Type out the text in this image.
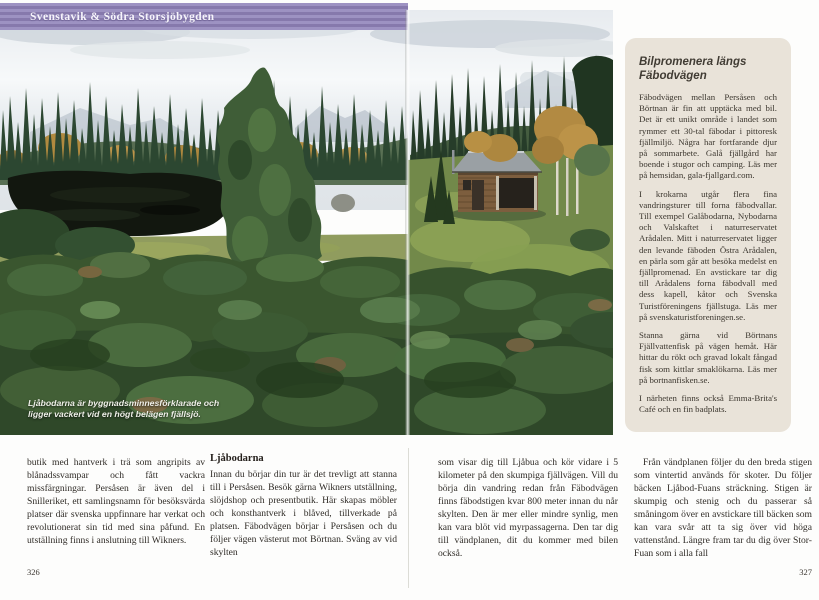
Svenstavik & Södra Storsjöbygden
Ljåbodarna är byggnadsminnesförklarade och
ligger vackert vid en högt belägen fjällsjö.

butik med hantverk i trä som angripits av blånadssvampar och fått vackra missfärgningar. Persåsen är även del i Snilleriket, ett samlingsnamn för besöksvärda platser där svenska uppfinnare har verkat och revolutionerat sin tid med sina påfund. En utställning finns i anslutning till Wikners.

Ljåbodarna

Innan du börjar din tur är det trevligt att stanna till i Persåsen. Besök gärna Wikners utställning, slöjdshop och presentbutik. Här skapas möbler och konsthantverk i blåved, tillverkade på platsen. Fäbodvägen börjar i Persåsen och du följer vägen västerut mot Börtnan. Sväng av vid skylten

som visar dig till Ljåbua och kör vidare i 5 kilometer på den skumpiga fjällvägen. Vill du börja din vandring redan från Fäbodvägen finns fäbodstigen kvar 800 meter innan du når skylten. Den är mer eller mindre synlig, men kan vara blöt vid myrpassagerna. Den tar dig till vändplanen, dit du kommer med bilen också.

Från vändplanen följer du den breda stigen som vintertid används för skoter. Du följer bäcken Ljåbod-Fuans sträckning. Stigen är skumpig och stenig och du passerar så småningom över en avstickare till bäcken som kan vara svår att ta sig över vid höga vattenstånd. Längre fram tar du dig över Stor-Fuan som i alla fall

326	327
Bilpromenera längs Fäbodvägen

Fäbodvägen mellan Persåsen och Börtnan är fin att upptäcka med bil. Det är ett unikt område i landet som rymmer ett 30-tal fäbodar i pittoresk fjällmiljö. Några har fortfarande djur på sommarbete. Galå fjällgård har boende i stugor och camping. Läs mer på hemsidan, gala-fjallgard.com.

I krokarna utgår flera fina vandringsturer till forna fäbodvallar. Till exempel Galåbodarna, Nybodarna och Valskaftet i naturreservatet Arådalen. Mitt i naturreservatet ligger den levande fäboden Östra Arådalen, en pärla som går att besöka medelst en fjällpromenad. En avstickare tar dig till Arådalens forna fäbodvall med dess kapell, kåtor och Svenska Turistföreningens fjällstuga. Läs mer på svenskaturistforeningen.se.

Stanna gärna vid Börtnans Fjällvattenfisk på vägen hemåt. Här hittar du rökt och gravad lokalt fångad fisk som kittlar smaklökarna. Läs mer på bortnanfisken.se.

I närheten finns också Emma-Brita's Café och en fin badplats.
